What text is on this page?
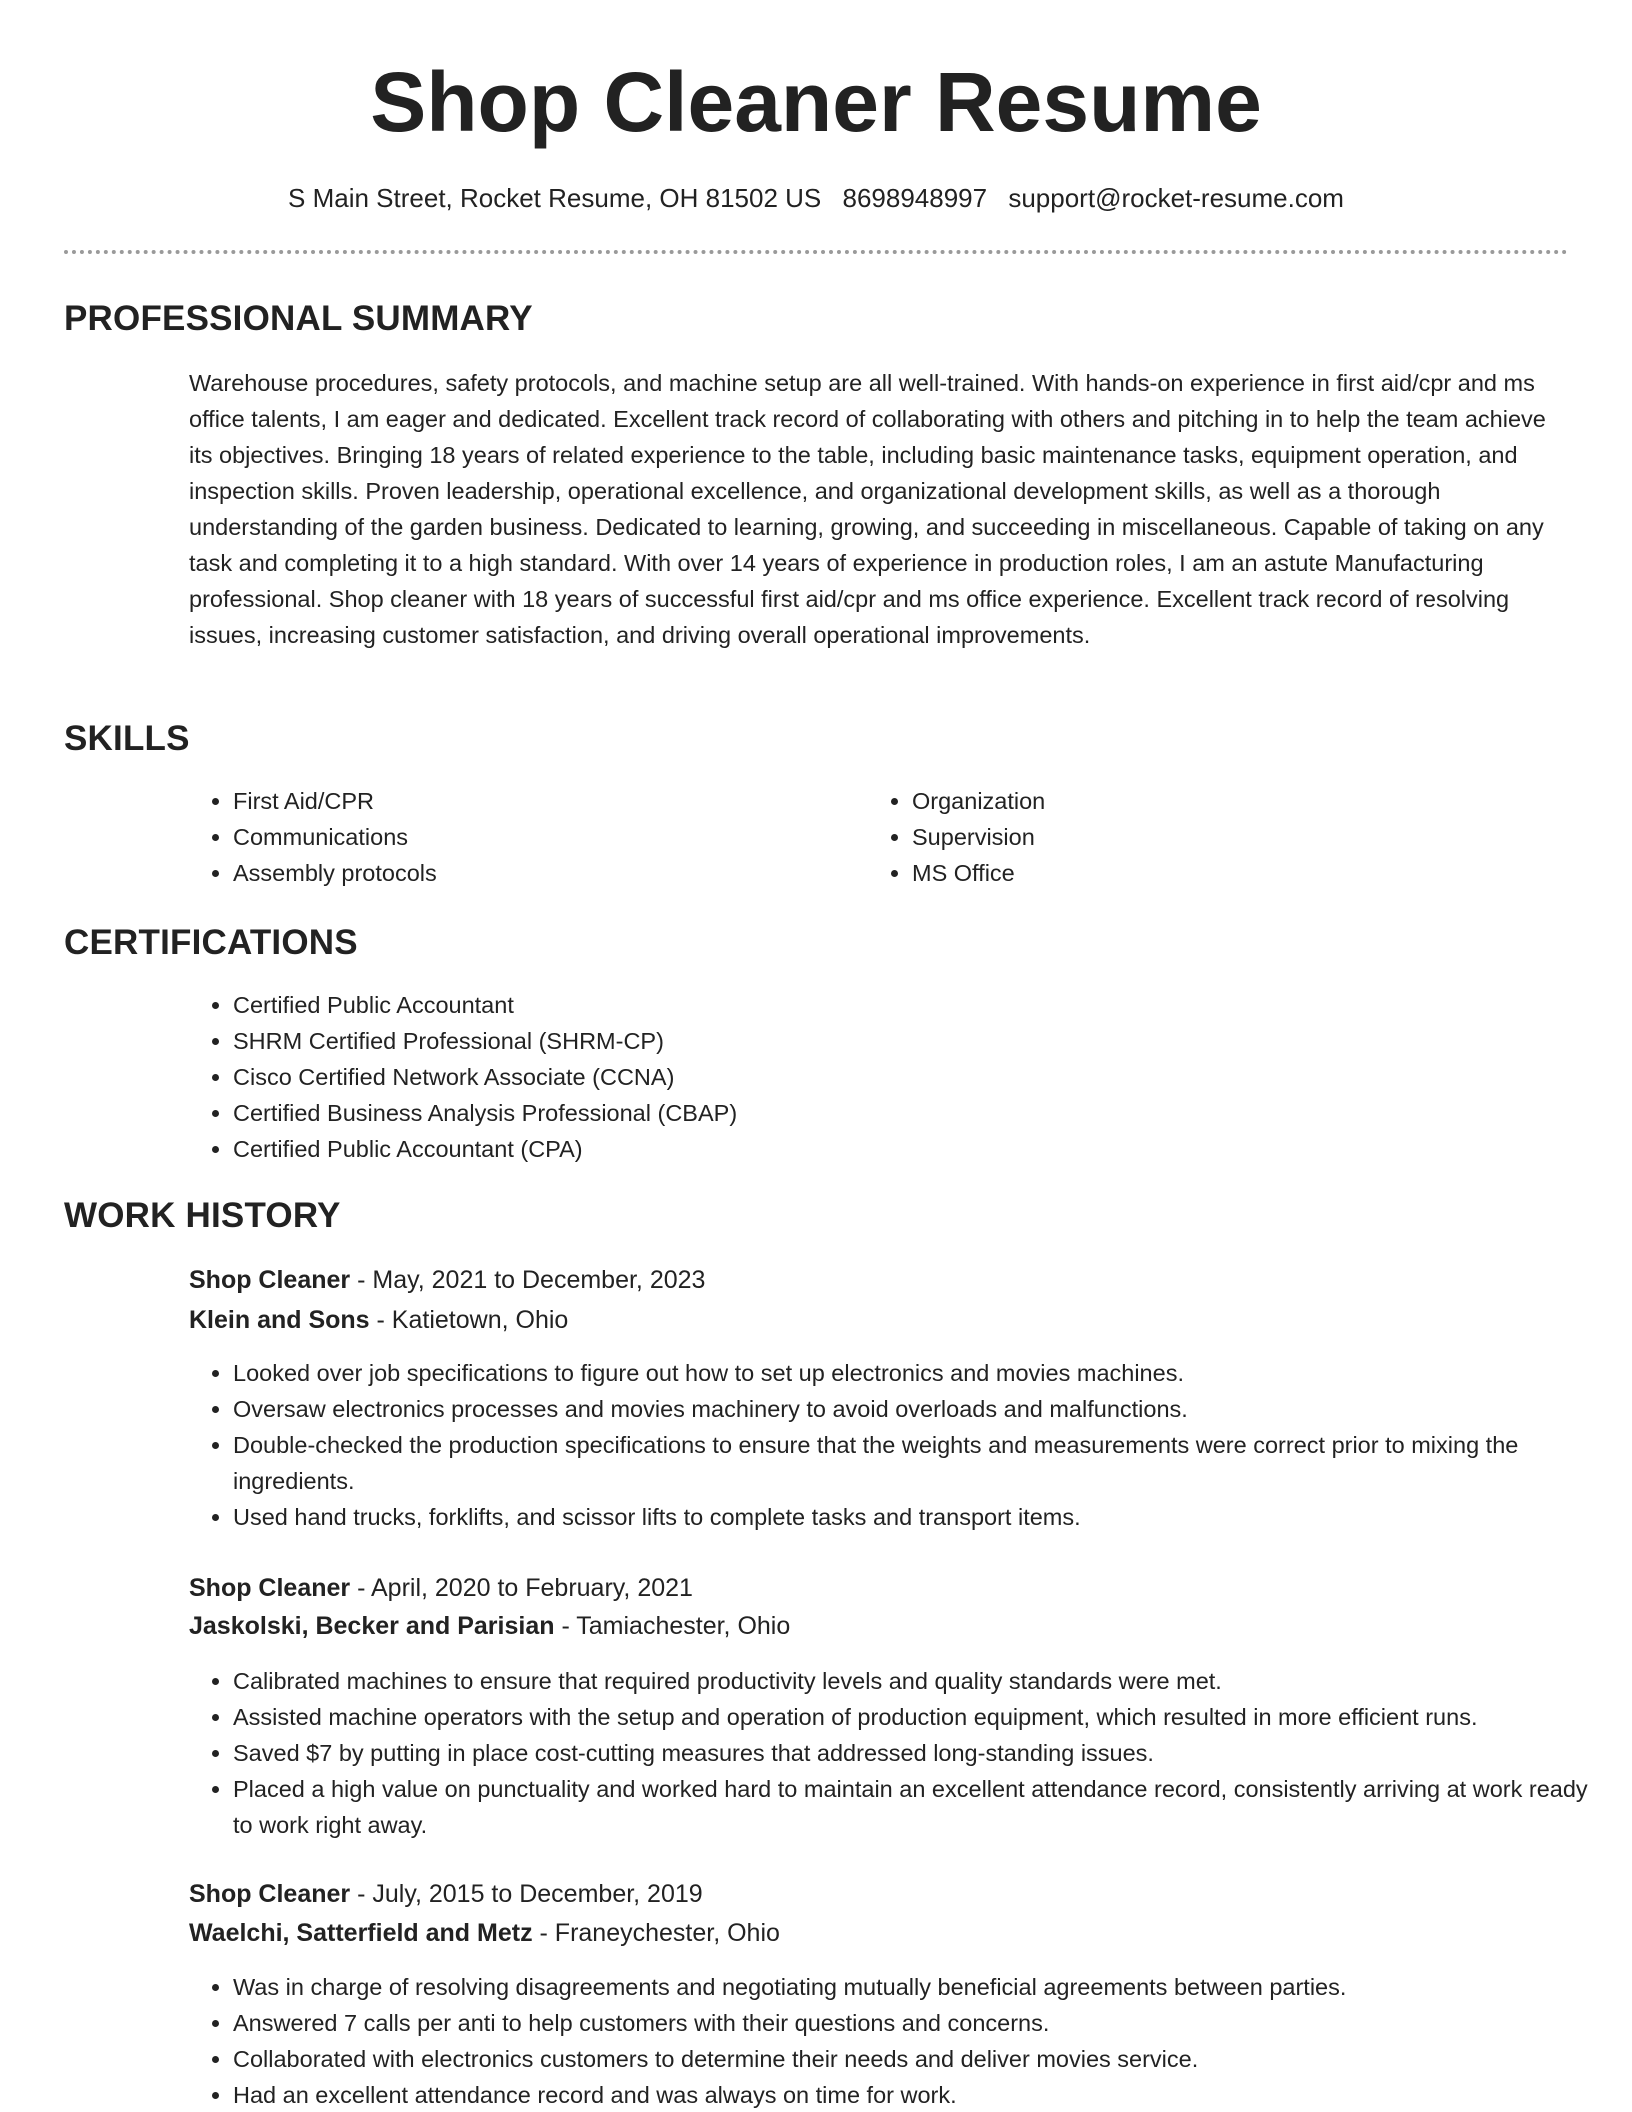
Shop Cleaner Resume
S Main Street, Rocket Resume, OH 81502 US 8698948997 support@rocket-resume.com
PROFESSIONAL SUMMARY

Warehouse procedures, safety protocols, and machine setup are all well-trained. With hands-on experience in first aid/cpr and ms office talents, I am eager and dedicated. Excellent track record of collaborating with others and pitching in to help the team achieve its objectives. Bringing 18 years of related experience to the table, including basic maintenance tasks, equipment operation, and inspection skills. Proven leadership, operational excellence, and organizational development skills, as well as a thorough understanding of the garden business. Dedicated to learning, growing, and succeeding in miscellaneous. Capable of taking on any task and completing it to a high standard. With over 14 years of experience in production roles, I am an astute Manufacturing professional. Shop cleaner with 18 years of successful first aid/cpr and ms office experience. Excellent track record of resolving issues, increasing customer satisfaction, and driving overall operational improvements.

SKILLS
• First Aid/CPR
• Communications
• Assembly protocols
• Organization
• Supervision
• MS Office
CERTIFICATIONS
• Certified Public Accountant
• SHRM Certified Professional (SHRM-CP)
• Cisco Certified Network Associate (CCNA)
• Certified Business Analysis Professional (CBAP)
• Certified Public Accountant (CPA)
WORK HISTORY
Shop Cleaner - May, 2021 to December, 2023
Klein and Sons - Katietown, Ohio
• Looked over job specifications to figure out how to set up electronics and movies machines.
• Oversaw electronics processes and movies machinery to avoid overloads and malfunctions.
• Double-checked the production specifications to ensure that the weights and measurements were correct prior to mixing the ingredients.
• Used hand trucks, forklifts, and scissor lifts to complete tasks and transport items.
Shop Cleaner - April, 2020 to February, 2021
Jaskolski, Becker and Parisian - Tamiachester, Ohio
• Calibrated machines to ensure that required productivity levels and quality standards were met.
• Assisted machine operators with the setup and operation of production equipment, which resulted in more efficient runs.
• Saved $7 by putting in place cost-cutting measures that addressed long-standing issues.
• Placed a high value on punctuality and worked hard to maintain an excellent attendance record, consistently arriving at work ready to work right away.
Shop Cleaner - July, 2015 to December, 2019
Waelchi, Satterfield and Metz - Franeychester, Ohio
• Was in charge of resolving disagreements and negotiating mutually beneficial agreements between parties.
• Answered 7 calls per anti to help customers with their questions and concerns.
• Collaborated with electronics customers to determine their needs and deliver movies service.
• Had an excellent attendance record and was always on time for work.
